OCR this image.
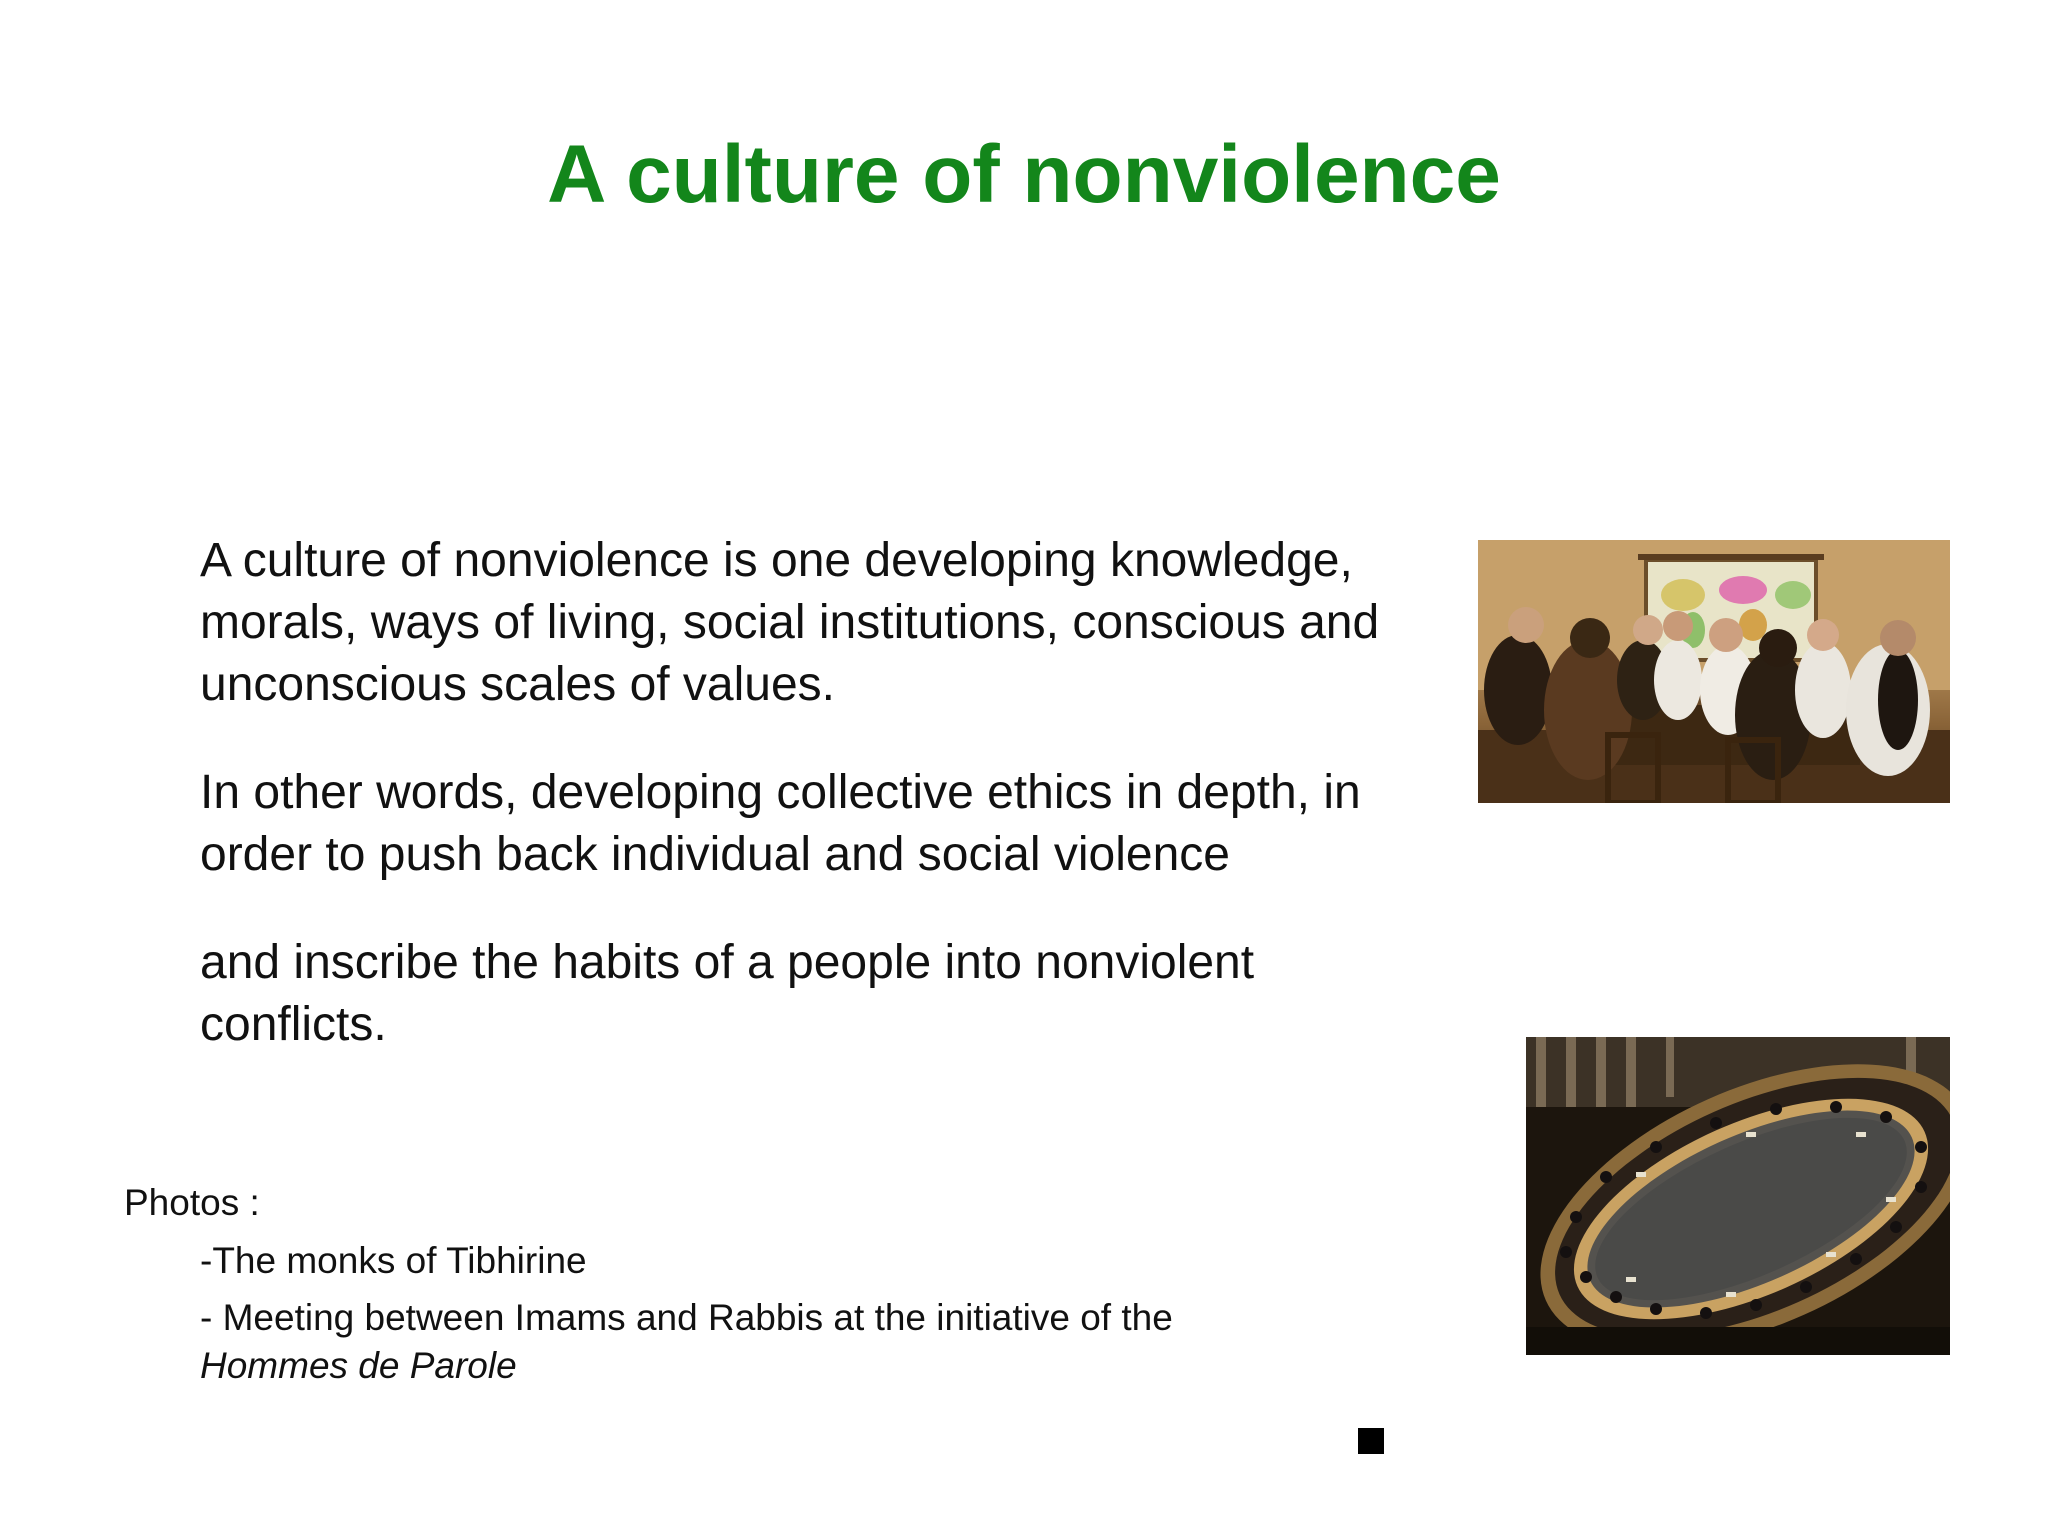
A culture of nonviolence

A culture of nonviolence is one developing knowledge, morals, ways of living, social institutions, conscious and unconscious scales of values.

In other words, developing collective ethics in depth, in order to push back individual and social violence

and inscribe the habits of a people into nonviolent conflicts.

Photos :
-The monks of Tibhirine
- Meeting between Imams and Rabbis at the initiative of the
Hommes de Parole
